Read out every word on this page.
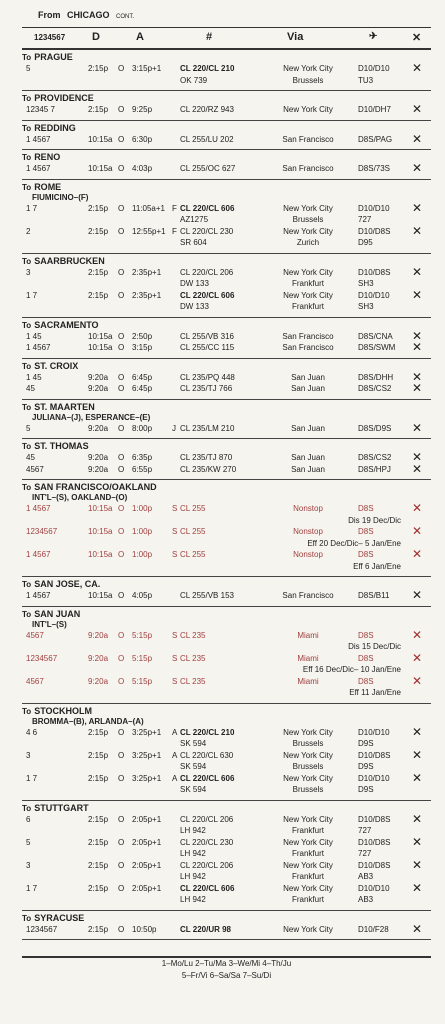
From CHICAGO CONT.
1234567 D	A	#	Via	✈	✕
To PRAGUE
5	2:15p O 3:15p+1 CL 220/CL 210	New York City	D10/D10 ✕
OK 739	Brussels	TU3
To PROVIDENCE
12345 7	2:15p O 9:25p	CL 220/RZ 943	New York City	D10/DH7 ✕
To REDDING
1 4567	10:15a O 6:30p	CL 255/LU 202	San Francisco	D8S/PAG ✕
To RENO
1 4567	10:15a O 4:03p	CL 255/OC 627	San Francisco	D8S/73S ✕
To ROME
FIUMICINO–(F)
1 7	2:15p O 11:05a+1 F CL 220/CL 606	New York City	D10/D10 ✕
AZ1275	Brussels	727
2	2:15p O 12:55p+1 F CL 220/CL 230	New York City	D10/D8S ✕
SR 604	Zurich	D95
To SAARBRUCKEN
3	2:15p O 2:35p+1 CL 220/CL 206	New York City	D10/D8S ✕
DW 133	Frankfurt	SH3
1 7	2:15p O 2:35p+1 CL 220/CL 606	New York City	D10/D10 ✕
DW 133	Frankfurt	SH3
To SACRAMENTO
1 45	10:15a O 2:50p	CL 255/VB 316	San Francisco	D8S/CNA ✕
1 4567	10:15a O 3:15p	CL 255/CC 115	San Francisco	D8S/SWM ✕
To ST. CROIX
1 45	9:20a O 6:45p	CL 235/PQ 448	San Juan	D8S/DHH ✕
45	9:20a O 6:45p	CL 235/TJ 766	San Juan	D8S/CS2 ✕
To ST. MAARTEN
JULIANA–(J), ESPERANCE–(E)
5	9:20a O 8:00p J CL 235/LM 210	San Juan	D8S/D9S ✕
To ST. THOMAS
45	9:20a O 6:35p	CL 235/TJ 870	San Juan	D8S/CS2 ✕
4567	9:20a O 6:55p	CL 235/KW 270	San Juan	D8S/HPJ ✕
To SAN FRANCISCO/OAKLAND
INT'L–(S), OAKLAND–(O)
1 4567	10:15a O 1:00p S CL 255	Nonstop	D8S	✕
Dis 19 Dec/Dic
1234567	10:15a O 1:00p S CL 255	Nonstop	D8S	✕
Eff 20 Dec/Dic– 5 Jan/Ene
1 4567	10:15a O 1:00p S CL 255	Nonstop	D8S	✕
Eff 6 Jan/Ene
To SAN JOSE, CA.
1 4567	10:15a O 4:05p	CL 255/VB 153	San Francisco	D8S/B11 ✕
To SAN JUAN
INT'L–(S)
4567	9:20a O 5:15p S CL 235	Miami	D8S	✕
Dis 15 Dec/Dic
1234567	9:20a O 5:15p S CL 235	Miami	D8S	✕
Eff 16 Dec/Dic– 10 Jan/Ene
4567	9:20a O 5:15p S CL 235	Miami	D8S	✕
Eff 11 Jan/Ene
To STOCKHOLM
BROMMA–(B), ARLANDA–(A)
4 6	2:15p O 3:25p+1 A CL 220/CL 210	New York City	D10/D10 ✕
SK 594	Brussels	D9S
3	2:15p O 3:25p+1 A CL 220/CL 630	New York City	D10/D8S ✕
SK 594	Brussels	D9S
1 7	2:15p O 3:25p+1 A CL 220/CL 606	New York City	D10/D10 ✕
SK 594	Brussels	D9S
To STUTTGART
6	2:15p O 2:05p+1 CL 220/CL 206	New York City	D10/D8S ✕
LH 942	Frankfurt	727
5	2:15p O 2:05p+1 CL 220/CL 230	New York City	D10/D8S ✕
LH 942	Frankfurt	727
3	2:15p O 2:05p+1 CL 220/CL 206	New York City	D10/D8S ✕
LH 942	Frankfurt	AB3
1 7	2:15p O 2:05p+1 CL 220/CL 606	New York City	D10/D10 ✕
LH 942	Frankfurt	AB3
To SYRACUSE
1234567	2:15p O 10:50p	CL 220/UR 98	New York City	D10/F28 ✕
1–Mo/Lu 2–Tu/Ma 3–We/Mi 4–Th/Ju
5–Fr/Vi 6–Sa/Sa 7–Su/Di
